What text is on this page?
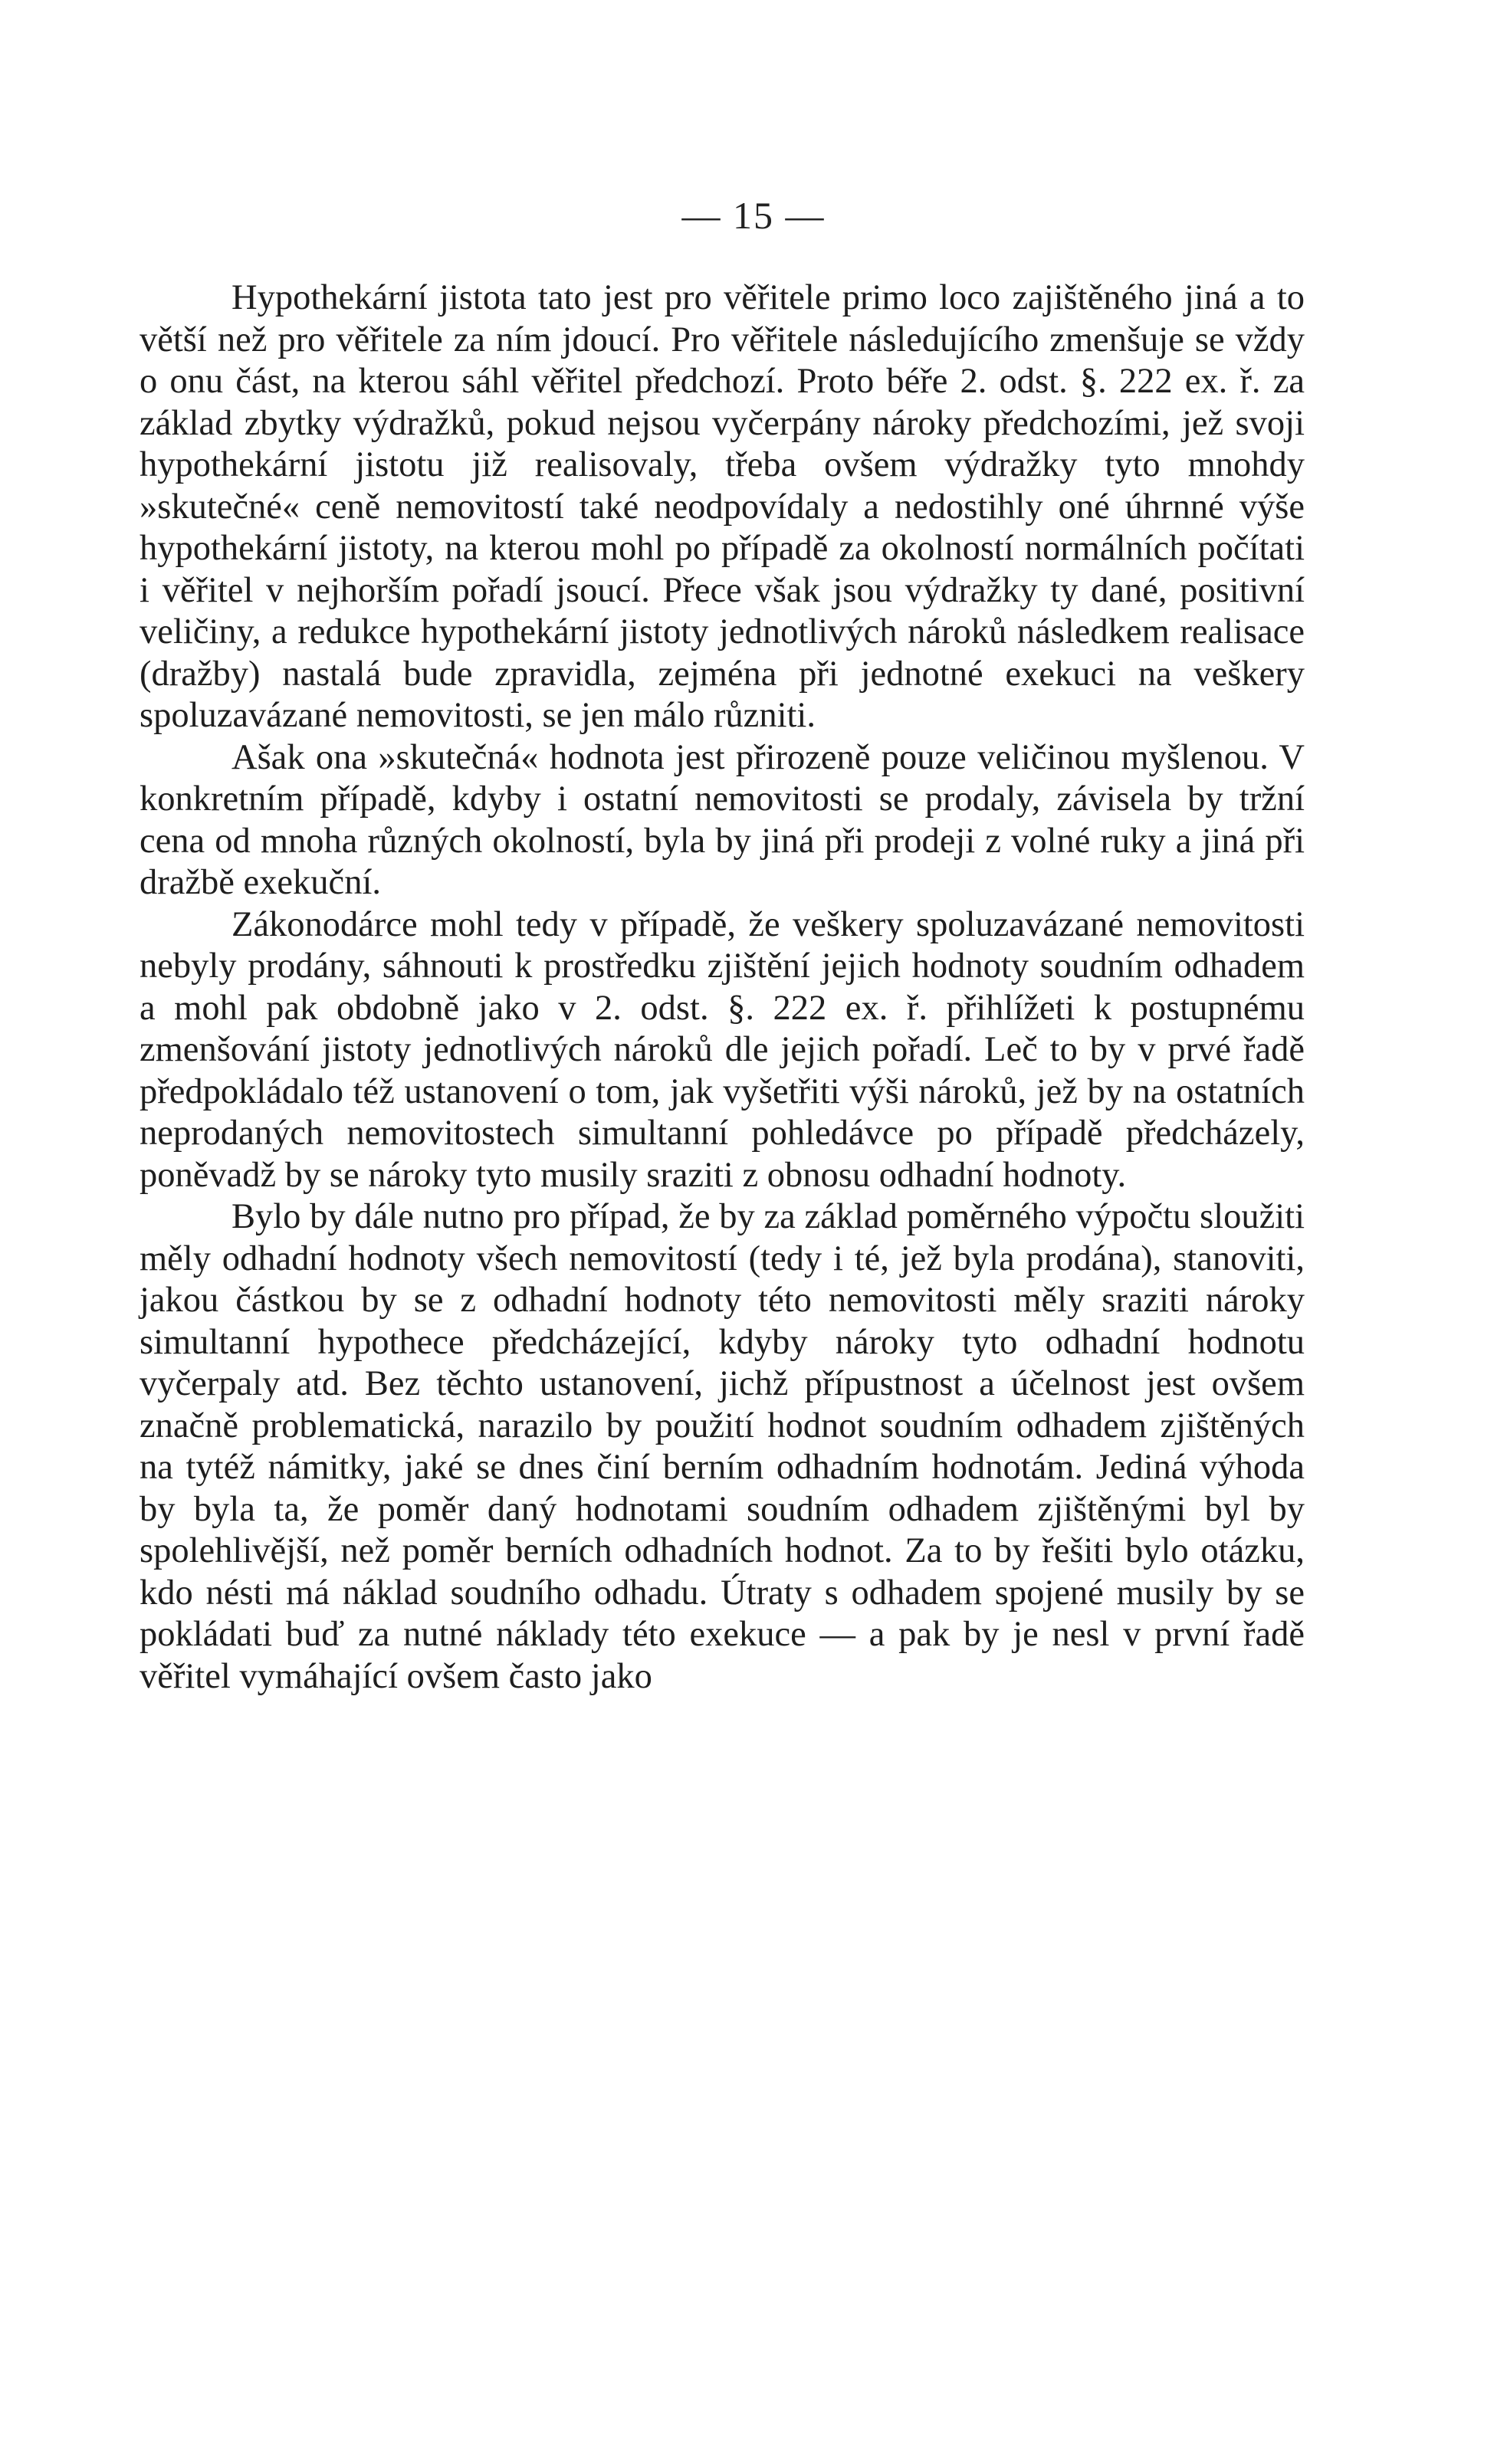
— 15 —

Hypothekární jistota tato jest pro věřitele primo loco zajištěného jiná a to větší než pro věřitele za ním jdoucí. Pro věřitele následujícího zmenšuje se vždy o onu část, na kterou sáhl věřitel předchozí. Proto béře 2. odst. §. 222 ex. ř. za základ zbytky výdražků, pokud nejsou vyčerpány nároky předchozími, jež svoji hypothekární jistotu již realisovaly, třeba ovšem výdražky tyto mnohdy »skutečné« ceně nemovitostí také neodpovídaly a nedostihly oné úhrnné výše hypothekární jistoty, na kterou mohl po případě za okolností normálních počítati i věřitel v nejhorším pořadí jsoucí. Přece však jsou výdražky ty dané, positivní veličiny, a redukce hypothekární jistoty jednotlivých nároků následkem realisace (dražby) nastalá bude zpravidla, zejména při jednotné exekuci na veškery spoluzavázané nemovitosti, se jen málo různiti.

Ašak ona »skutečná« hodnota jest přirozeně pouze veličinou myšlenou. V konkretním případě, kdyby i ostatní nemovitosti se prodaly, závisela by tržní cena od mnoha různých okolností, byla by jiná při prodeji z volné ruky a jiná při dražbě exekuční.

Zákonodárce mohl tedy v případě, že veškery spoluzavázané nemovitosti nebyly prodány, sáhnouti k prostředku zjištění jejich hodnoty soudním odhadem a mohl pak obdobně jako v 2. odst. §. 222 ex. ř. přihlížeti k postupnému zmenšování jistoty jednotlivých nároků dle jejich pořadí. Leč to by v prvé řadě předpokládalo též ustanovení o tom, jak vyšetřiti výši nároků, jež by na ostatních neprodaných nemovitostech simultanní pohledávce po případě předcházely, poněvadž by se nároky tyto musily sraziti z obnosu odhadní hodnoty.

Bylo by dále nutno pro případ, že by za základ poměrného výpočtu sloužiti měly odhadní hodnoty všech nemovitostí (tedy i té, jež byla prodána), stanoviti, jakou částkou by se z odhadní hodnoty této nemovitosti měly sraziti nároky simultanní hypothece předcházející, kdyby nároky tyto odhadní hodnotu vyčerpaly atd. Bez těchto ustanovení, jichž přípustnost a účelnost jest ovšem značně problematická, narazilo by použití hodnot soudním odhadem zjištěných na tytéž námitky, jaké se dnes činí berním odhadním hodnotám. Jediná výhoda by byla ta, že poměr daný hodnotami soudním odhadem zjištěnými byl by spolehlivější, než poměr berních odhadních hodnot. Za to by řešiti bylo otázku, kdo nésti má náklad soudního odhadu. Útraty s odhadem spojené musily by se pokládati buď za nutné náklady této exekuce — a pak by je nesl v první řadě věřitel vymáhající ovšem často jako
